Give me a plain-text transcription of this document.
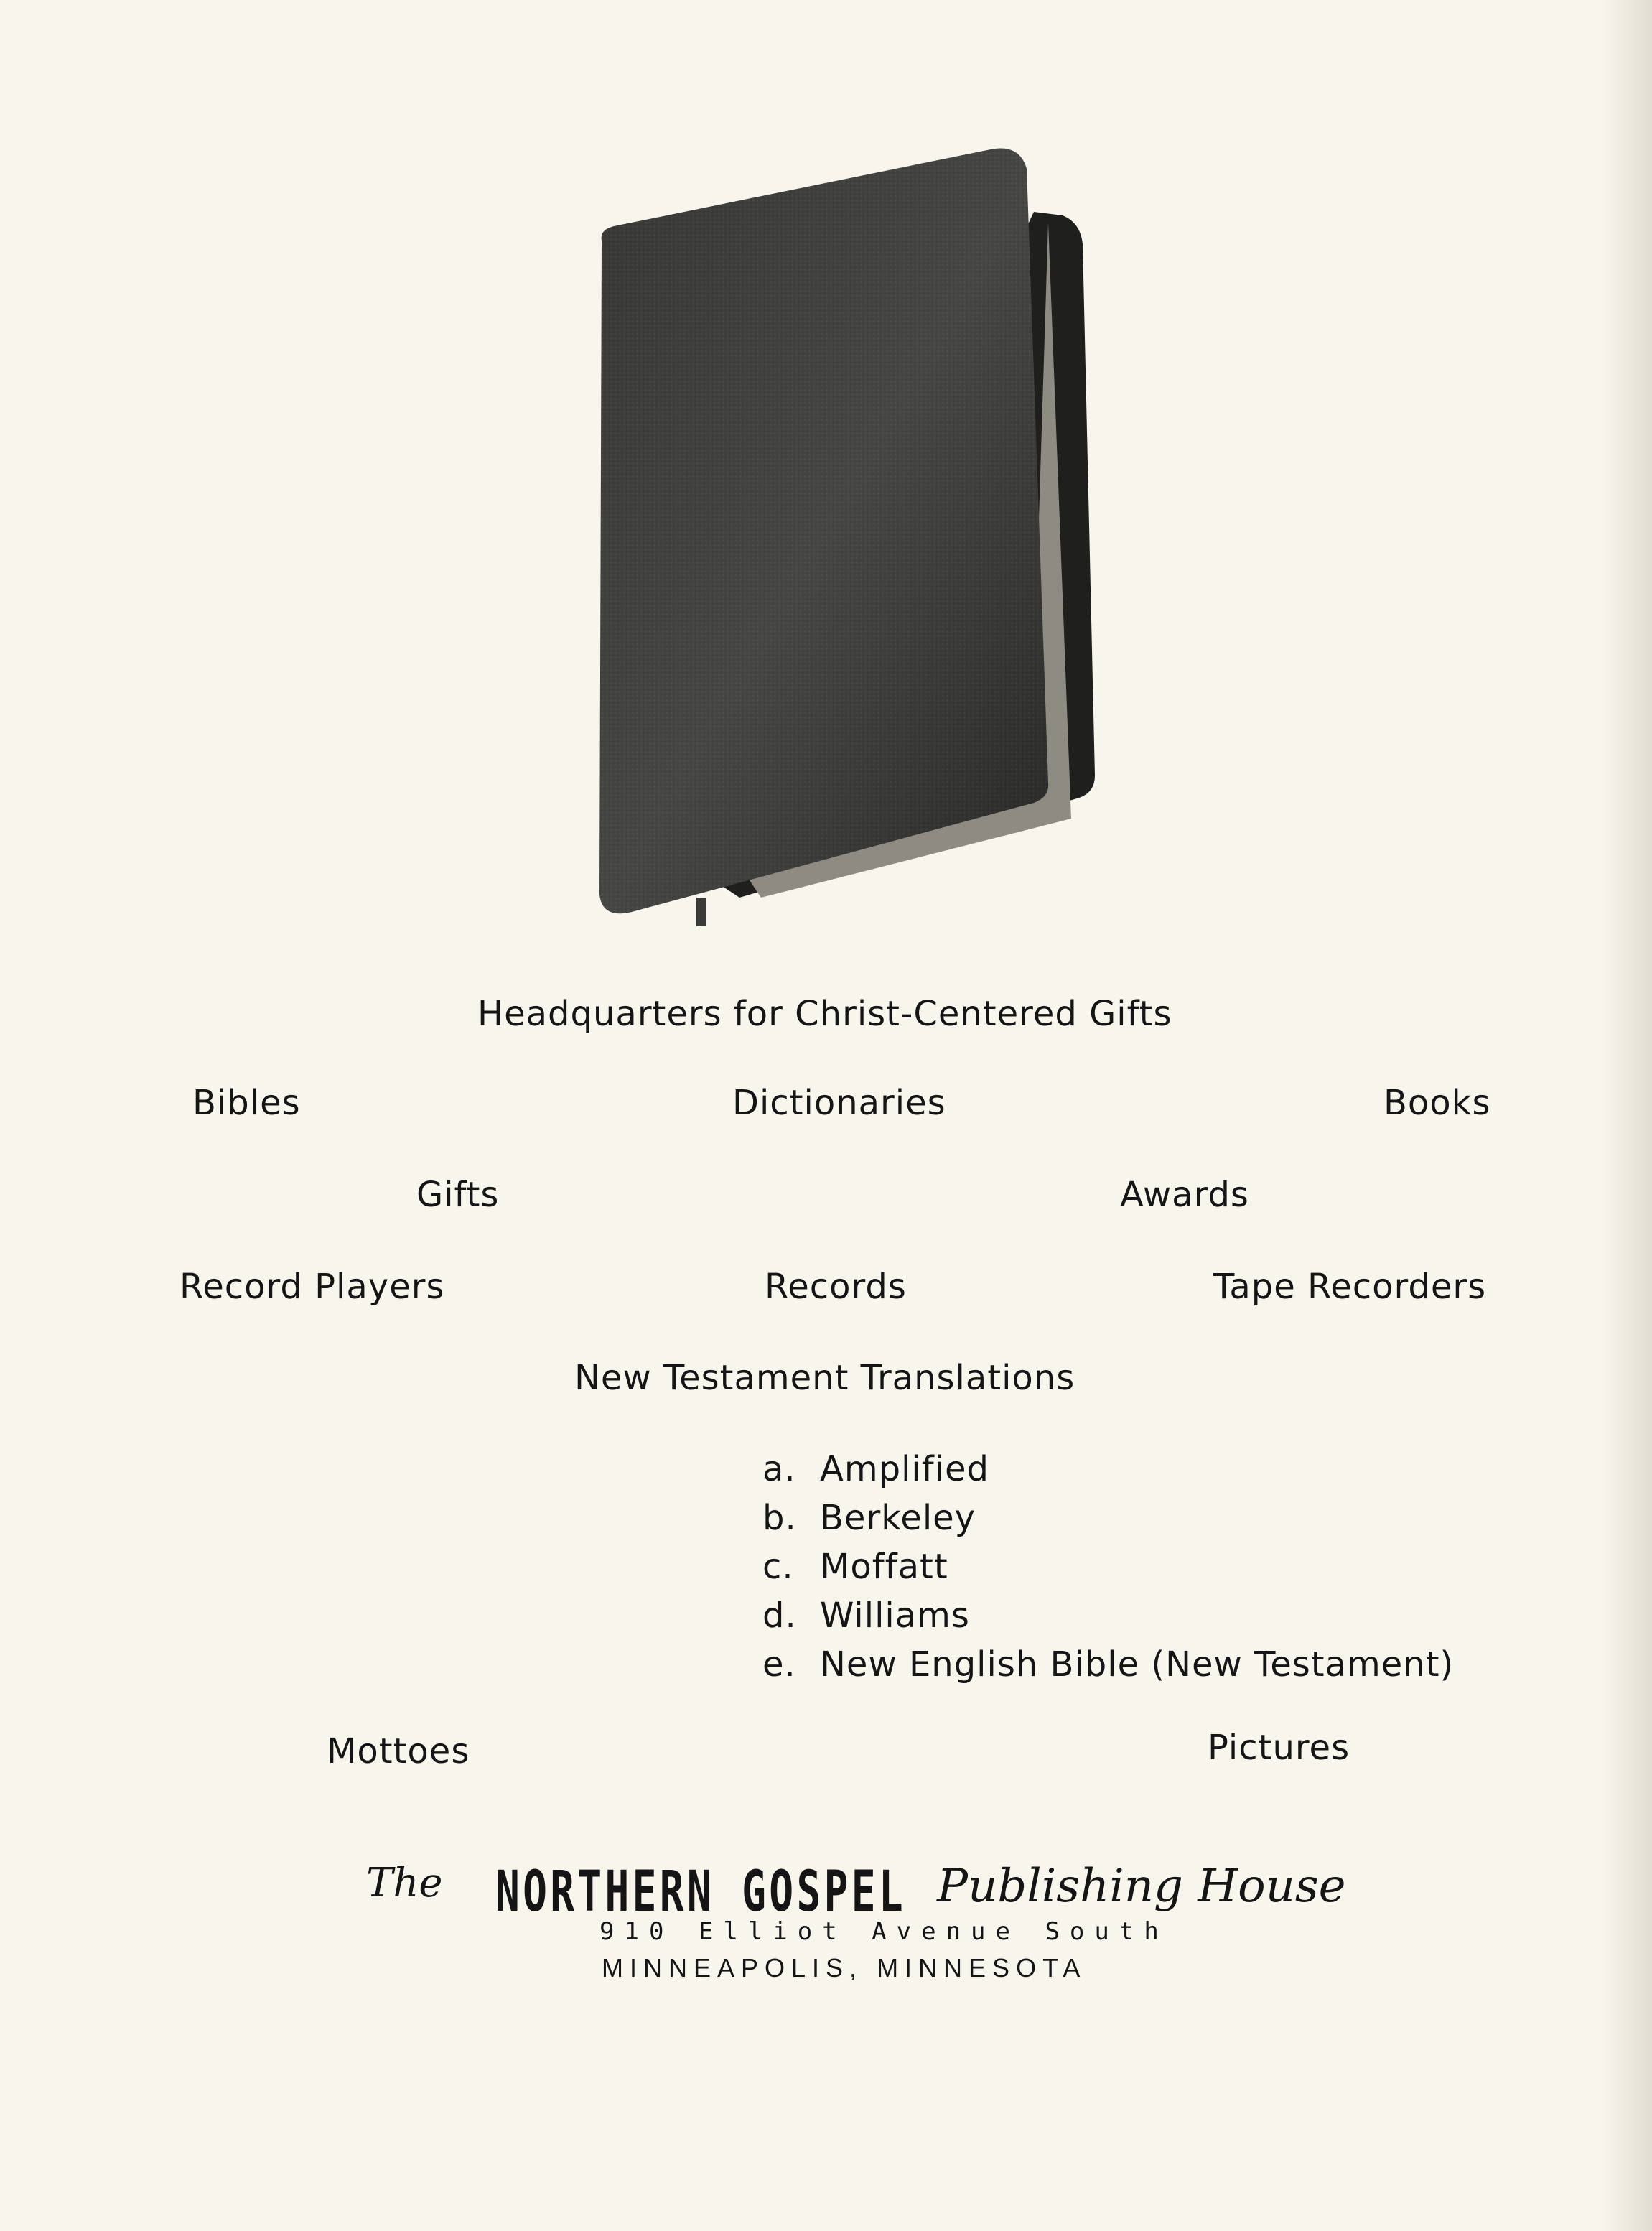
Headquarters for Christ-Centered Gifts
Bibles	Dictionaries	Books
Gifts	Awards
Record Players	Records	Tape Recorders
New Testament Translations
a. Amplified
b. Berkeley
c. Moffatt
d. Williams
e. New English Bible (New Testament)
Mottoes	Pictures
The NORTHERN GOSPEL Publishing House
910 Elliot Avenue South
MINNEAPOLIS, MINNESOTA
